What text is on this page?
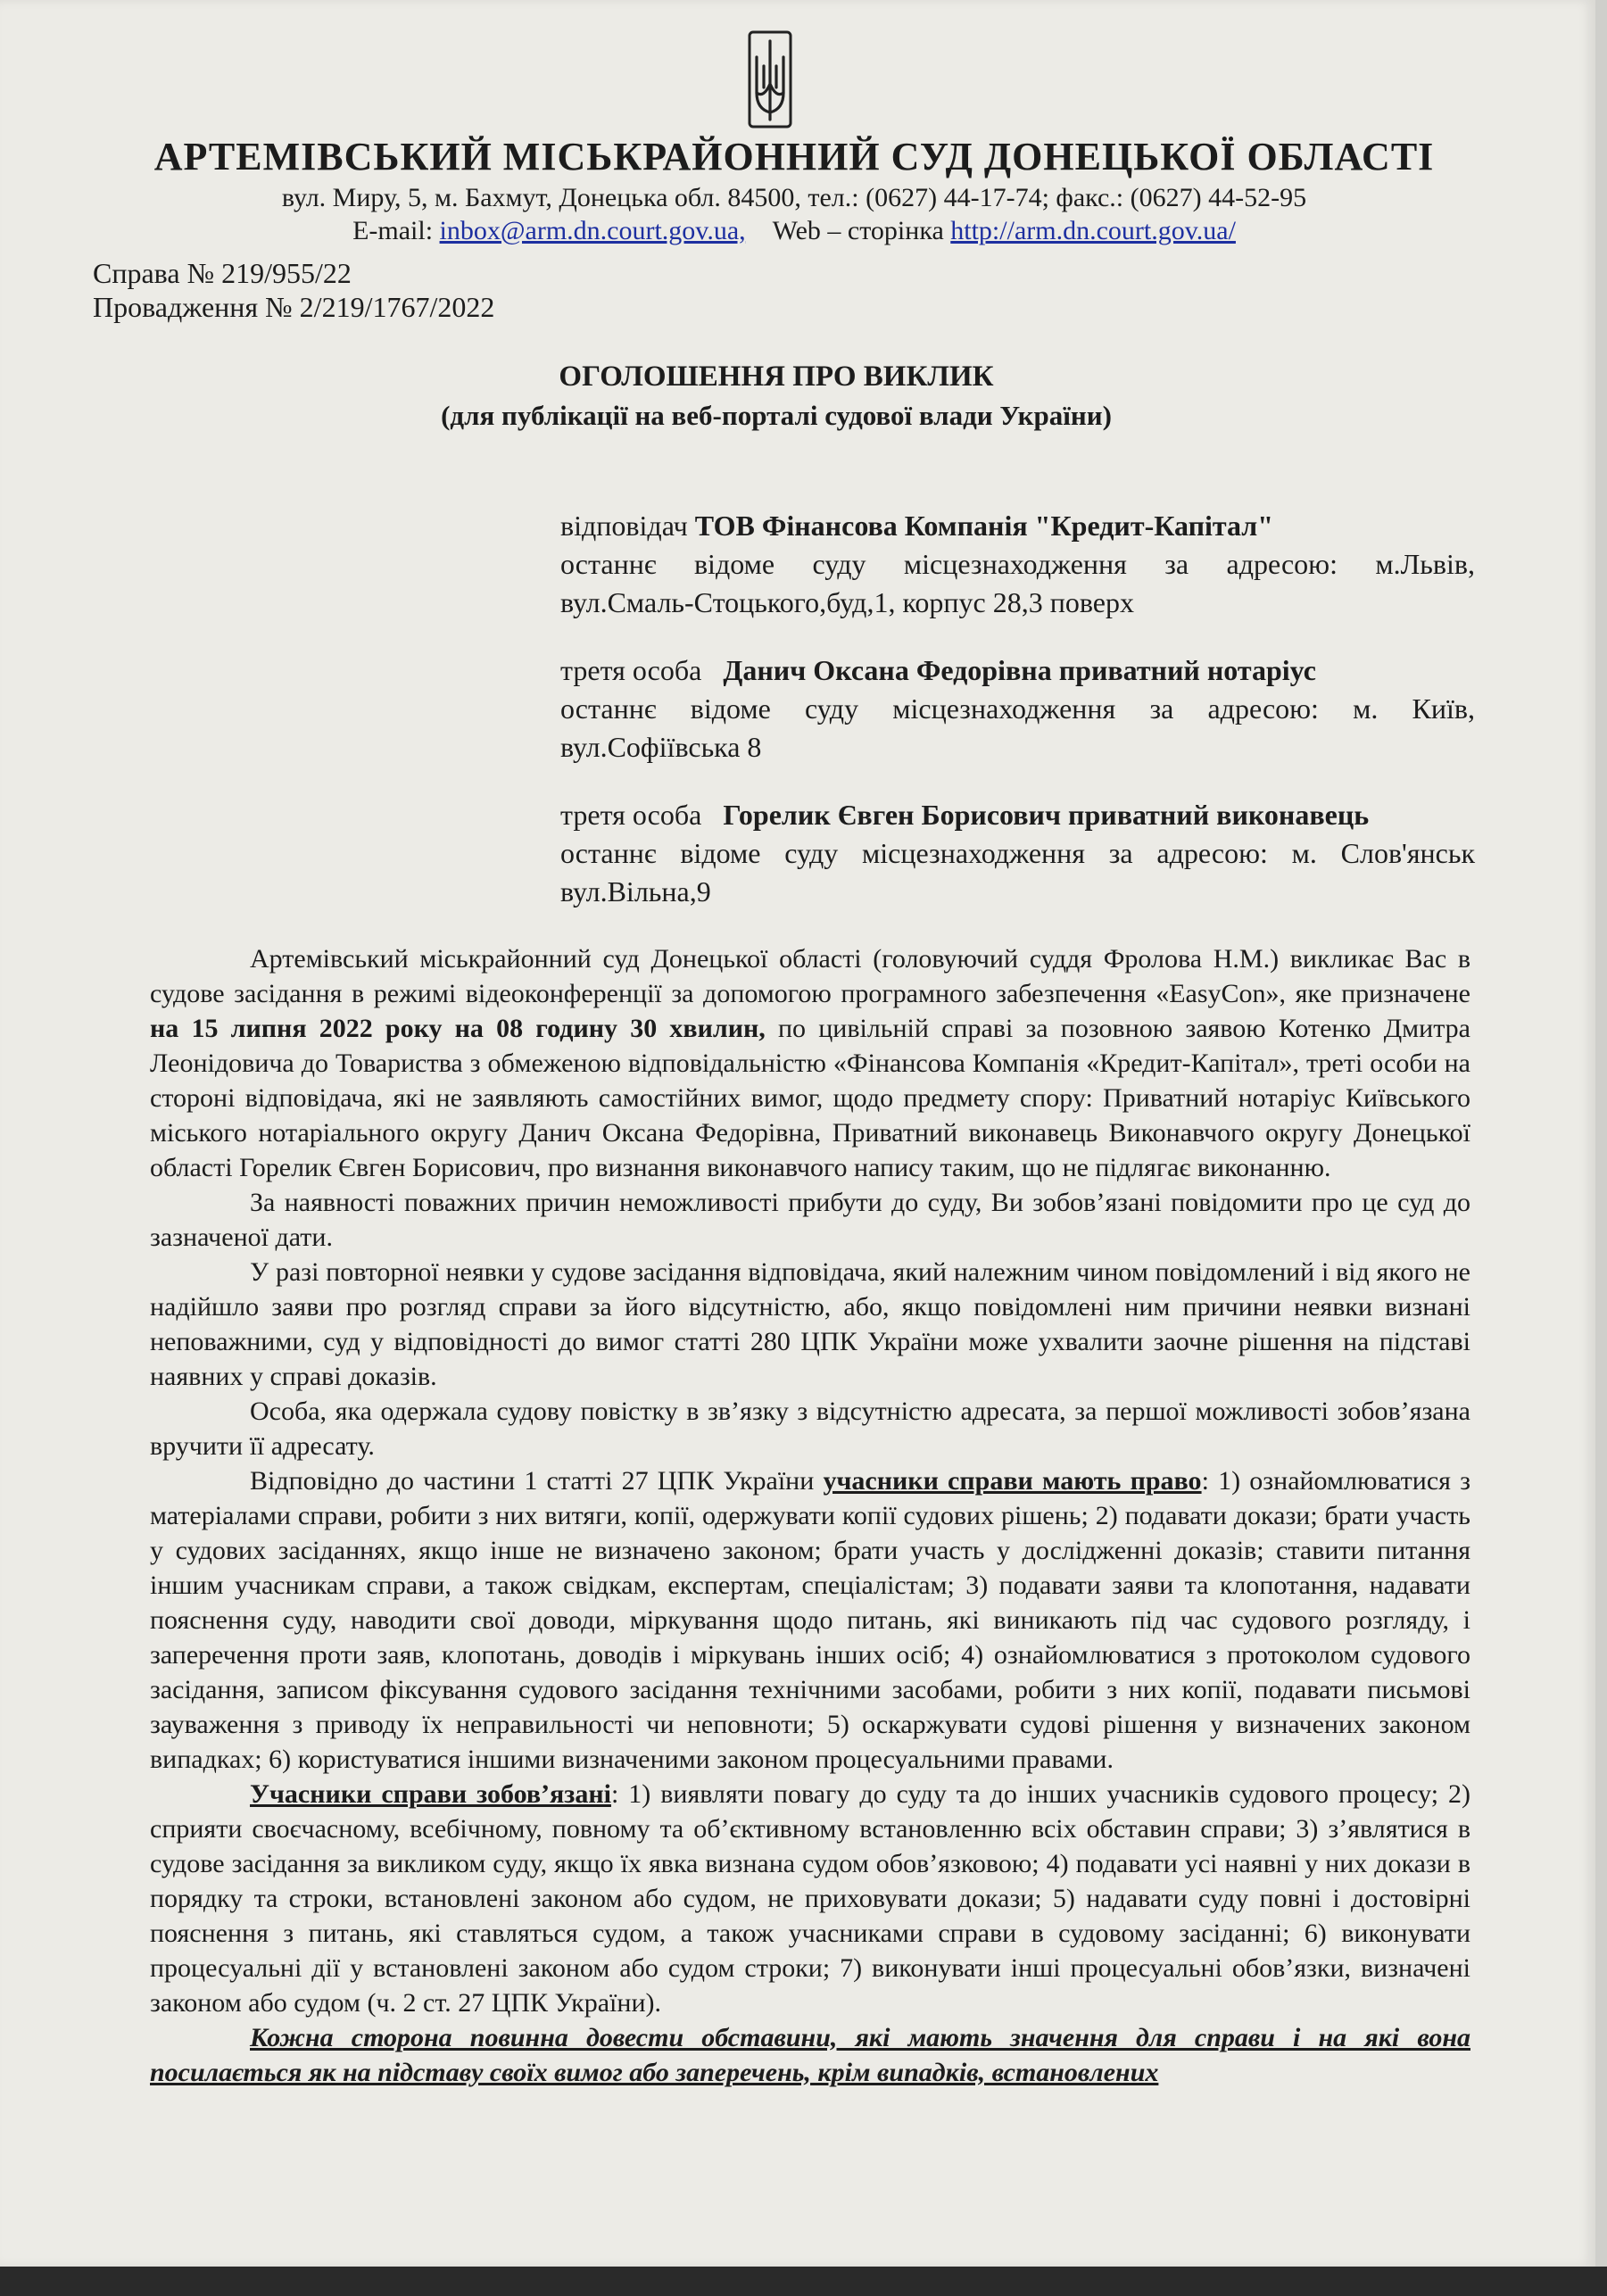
АРТЕМІВСЬКИЙ МІСЬКРАЙОННИЙ СУД ДОНЕЦЬКОЇ ОБЛАСТІ
вул. Миру, 5, м. Бахмут, Донецька обл. 84500, тел.: (0627) 44-17-74; факс.: (0627) 44-52-95
E-mail: inbox@arm.dn.court.gov.ua, Web – сторінка http://arm.dn.court.gov.ua/
Справа № 219/955/22
Провадження № 2/219/1767/2022
ОГОЛОШЕННЯ ПРО ВИКЛИК
(для публікації на веб-порталі судової влади України)
відповідач ТОВ Фінансова Компанія "Кредит-Капітал"
останнє відоме суду місцезнаходження за адресою: м.Львів,
вул.Смаль-Стоцького,буд,1, корпус 28,3 поверх
третя особа Данич Оксана Федорівна приватний нотаріус
останнє відоме суду місцезнаходження за адресою: м. Київ,
вул.Софіївська 8
третя особа Горелик Євген Борисович приватний виконавець
останнє відоме суду місцезнаходження за адресою: м. Слов'янськ
вул.Вільна,9

Артемівський міськрайонний суд Донецької області (головуючий суддя Фролова Н.М.) викликає Вас в судове засідання в режимі відеоконференції за допомогою програмного забезпечення «EasyCon», яке призначене на 15 липня 2022 року на 08 годину 30 хвилин, по цивільній справі за позовною заявою Котенко Дмитра Леонідовича до Товариства з обмеженою відповідальністю «Фінансова Компанія «Кредит-Капітал», треті особи на стороні відповідача, які не заявляють самостійних вимог, щодо предмету спору: Приватний нотаріус Київського міського нотаріального округу Данич Оксана Федорівна, Приватний виконавець Виконавчого округу Донецької області Горелик Євген Борисович, про визнання виконавчого напису таким, що не підлягає виконанню.

За наявності поважних причин неможливості прибути до суду, Ви зобов’язані повідомити про це суд до зазначеної дати.

У разі повторної неявки у судове засідання відповідача, який належним чином повідомлений і від якого не надійшло заяви про розгляд справи за його відсутністю, або, якщо повідомлені ним причини неявки визнані неповажними, суд у відповідності до вимог статті 280 ЦПК України може ухвалити заочне рішення на підставі наявних у справі доказів.

Особа, яка одержала судову повістку в зв’язку з відсутністю адресата, за першої можливості зобов’язана вручити її адресату.

Відповідно до частини 1 статті 27 ЦПК України учасники справи мають право: 1) ознайомлюватися з матеріалами справи, робити з них витяги, копії, одержувати копії судових рішень; 2) подавати докази; брати участь у судових засіданнях, якщо інше не визначено законом; брати участь у дослідженні доказів; ставити питання іншим учасникам справи, а також свідкам, експертам, спеціалістам; 3) подавати заяви та клопотання, надавати пояснення суду, наводити свої доводи, міркування щодо питань, які виникають під час судового розгляду, і заперечення проти заяв, клопотань, доводів і міркувань інших осіб; 4) ознайомлюватися з протоколом судового засідання, записом фіксування судового засідання технічними засобами, робити з них копії, подавати письмові зауваження з приводу їх неправильності чи неповноти; 5) оскаржувати судові рішення у визначених законом випадках; 6) користуватися іншими визначеними законом процесуальними правами.

Учасники справи зобов’язані: 1) виявляти повагу до суду та до інших учасників судового процесу; 2) сприяти своєчасному, всебічному, повному та об’єктивному встановленню всіх обставин справи; 3) з’являтися в судове засідання за викликом суду, якщо їх явка визнана судом обов’язковою; 4) подавати усі наявні у них докази в порядку та строки, встановлені законом або судом, не приховувати докази; 5) надавати суду повні і достовірні пояснення з питань, які ставляться судом, а також учасниками справи в судовому засіданні; 6) виконувати процесуальні дії у встановлені законом або судом строки; 7) виконувати інші процесуальні обов’язки, визначені законом або судом (ч. 2 ст. 27 ЦПК України).

Кожна сторона повинна довести обставини, які мають значення для справи і на які вона посилається як на підставу своїх вимог або заперечень, крім випадків, встановлених
